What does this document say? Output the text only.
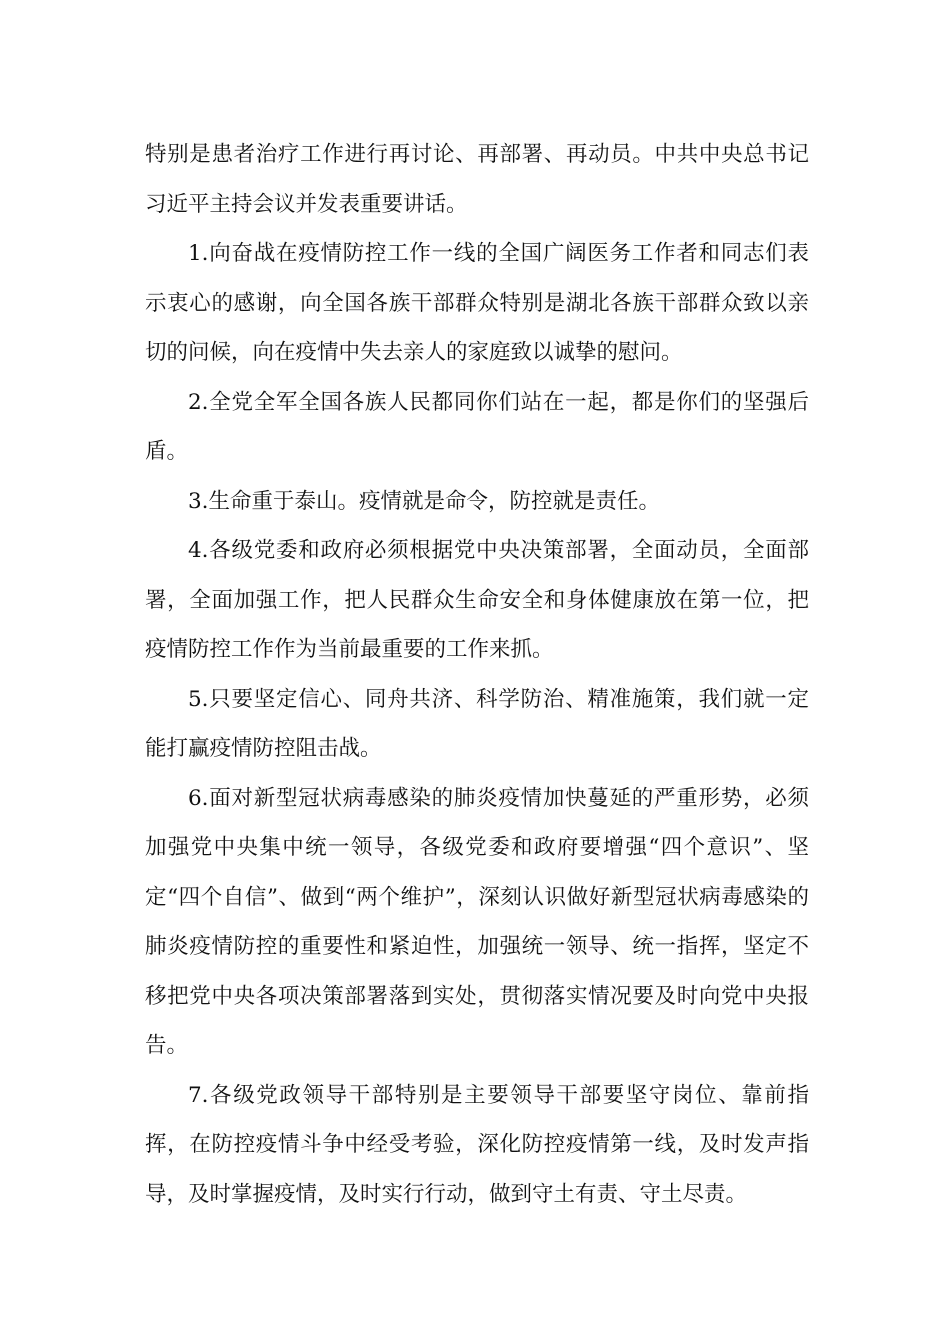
特别是患者治疗工作进行再讨论、再部署、再动员。中共中央总书记习近平主持会议并发表重要讲话。

1.向奋战在疫情防控工作一线的全国广阔医务工作者和同志们表示衷心的感谢，向全国各族干部群众特别是湖北各族干部群众致以亲切的问候，向在疫情中失去亲人的家庭致以诚挚的慰问。

2.全党全军全国各族人民都同你们站在一起，都是你们的坚强后盾。

3.生命重于泰山。疫情就是命令，防控就是责任。

4.各级党委和政府必须根据党中央决策部署，全面动员，全面部署，全面加强工作，把人民群众生命安全和身体健康放在第一位，把疫情防控工作作为当前最重要的工作来抓。

5.只要坚定信心、同舟共济、科学防治、精准施策，我们就一定能打赢疫情防控阻击战。

6.面对新型冠状病毒感染的肺炎疫情加快蔓延的严重形势，必须加强党中央集中统一领导，各级党委和政府要增强“四个意识”、坚定“四个自信”、做到“两个维护”，深刻认识做好新型冠状病毒感染的肺炎疫情防控的重要性和紧迫性，加强统一领导、统一指挥，坚定不移把党中央各项决策部署落到实处，贯彻落实情况要及时向党中央报告。

7.各级党政领导干部特别是主要领导干部要坚守岗位、靠前指挥，在防控疫情斗争中经受考验，深化防控疫情第一线，及时发声指导，及时掌握疫情，及时实行行动，做到守土有责、守土尽责。
